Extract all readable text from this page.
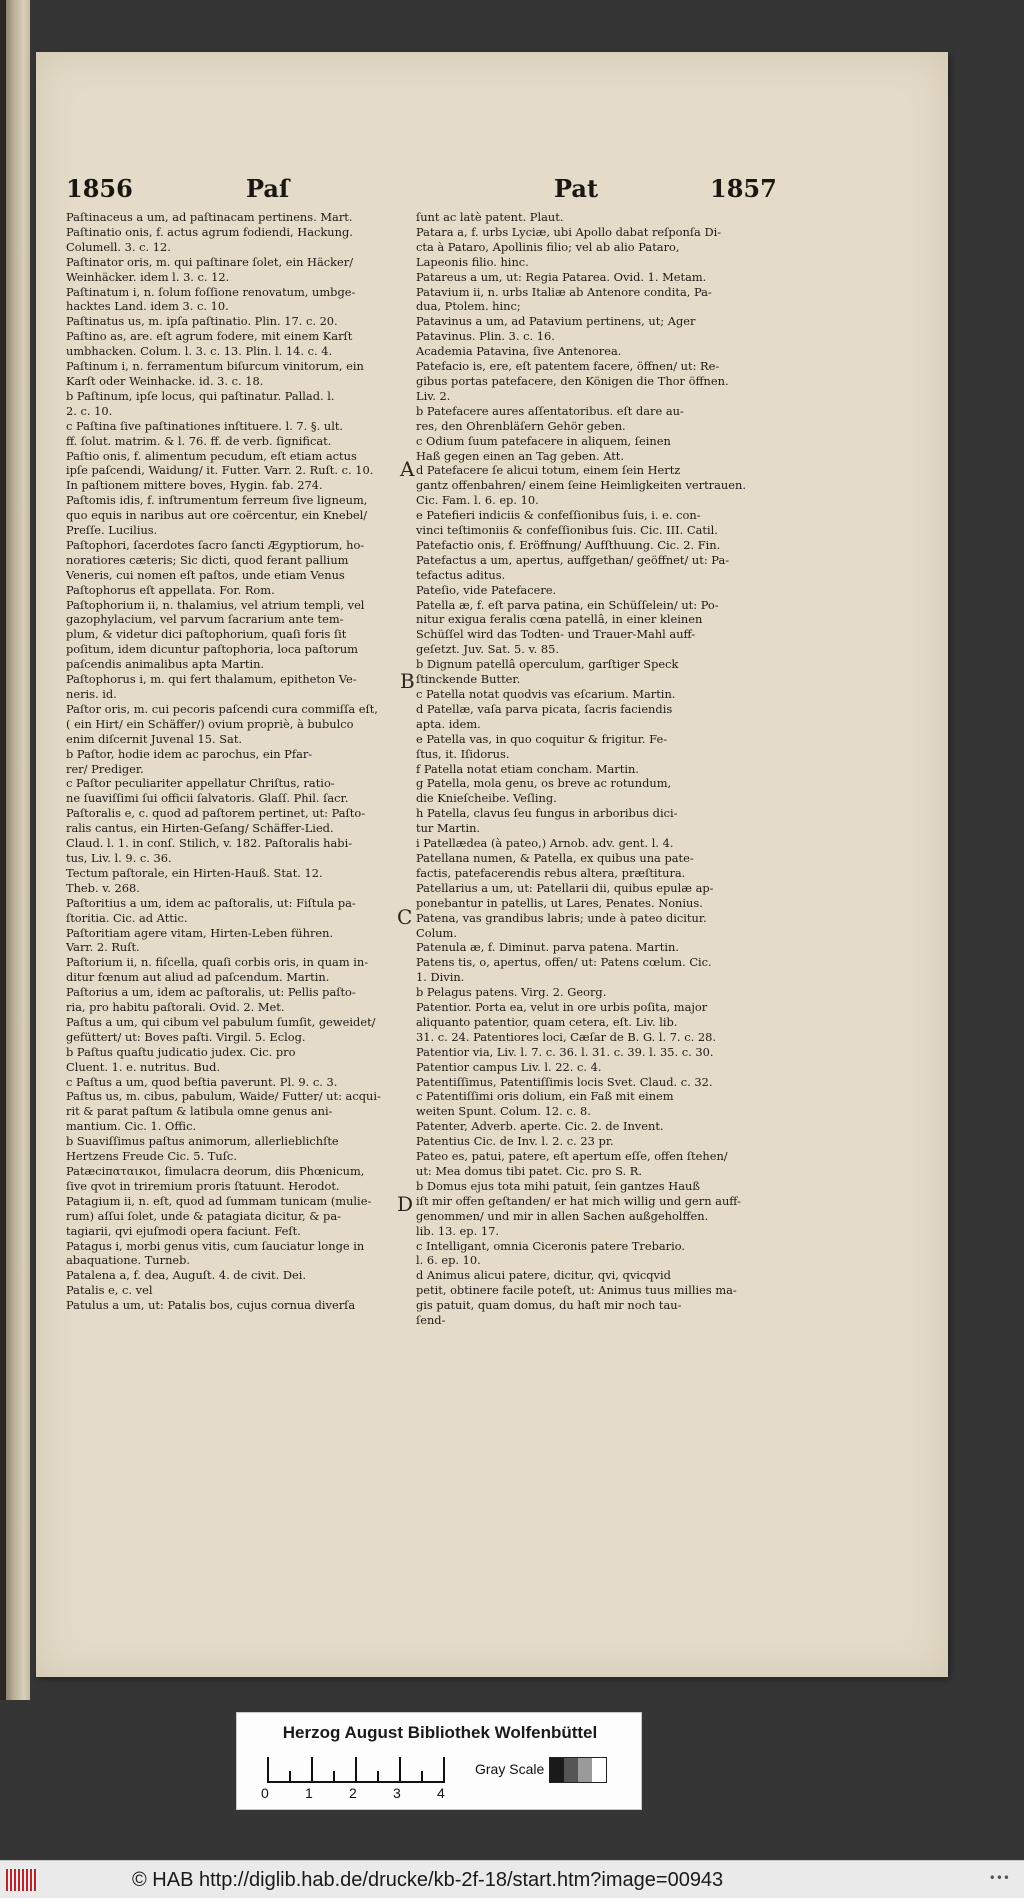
1856	Paſ	Pat	1857

Paſtinaceus a um, ad paſtinacam pertinens. Mart.

Paſtinatio onis, f. actus agrum fodiendi, Hackung.

Columell. 3. c. 12.

Paſtinator oris, m. qui paſtinare ſolet, ein Häcker/

Weinhäcker. idem l. 3. c. 12.

Paſtinatum i, n. ſolum foſſione renovatum, umbge-

hacktes Land. idem 3. c. 10.

Paſtinatus us, m. ipſa paſtinatio. Plin. 17. c. 20.

Paſtino as, are. eſt agrum fodere, mit einem Karſt

umbhacken. Colum. l. 3. c. 13. Plin. l. 14. c. 4.

Paſtinum i, n. ferramentum biſurcum vinitorum, ein

Karſt oder Weinhacke. id. 3. c. 18.

b Paſtinum, ipſe locus, qui paſtinatur. Pallad. l.

2. c. 10.

c Paſtina ſive paſtinationes inſtituere. l. 7. §. ult.

ff. ſolut. matrim. & l. 76. ff. de verb. ſignificat.

Paſtio onis, f. alimentum pecudum, eſt etiam actus

ipſe paſcendi, Waidung/ it. Futter. Varr. 2. Ruſt. c. 10.

In paſtionem mittere boves, Hygin. fab. 274.

Paſtomis idis, f. inſtrumentum ferreum ſive ligneum,

quo equis in naribus aut ore coërcentur, ein Knebel/

Preſſe. Lucilius.

Paſtophori, ſacerdotes ſacro ſancti Ægyptiorum, ho-

noratiores cæteris; Sic dicti, quod ferant pallium

Veneris, cui nomen eſt paſtos, unde etiam Venus

Paſtophorus eſt appellata. For. Rom.

Paſtophorium ii, n. thalamius, vel atrium templi, vel

gazophylacium, vel parvum ſacrarium ante tem-

plum, & videtur dici paſtophorium, quaſi foris ſit

poſitum, idem dicuntur paſtophoria, loca paſtorum

paſcendis animalibus apta Martin.

Paſtophorus i, m. qui fert thalamum, epitheton Ve-

neris. id.

Paſtor oris, m. cui pecoris paſcendi cura commiſſa eſt,

( ein Hirt/ ein Schäffer/) ovium propriè, à bubulco

enim diſcernit Juvenal 15. Sat.

b Paſtor, hodie idem ac parochus, ein Pfar-

rer/ Prediger.

c Paſtor peculiariter appellatur Chriſtus, ratio-

ne ſuaviſſimi ſui officii ſalvatoris. Glaſſ. Phil. ſacr.

Paſtoralis e, c. quod ad paſtorem pertinet, ut: Paſto-

ralis cantus, ein Hirten-Geſang/ Schäffer-Lied.

Claud. l. 1. in conſ. Stilich, v. 182. Paſtoralis habi-

tus, Liv. l. 9. c. 36.

Tectum paſtorale, ein Hirten-Hauß. Stat. 12.

Theb. v. 268.

Paſtoritius a um, idem ac paſtoralis, ut: Fiſtula pa-

ſtoritia. Cic. ad Attic.

Paſtoritiam agere vitam, Hirten-Leben führen.

Varr. 2. Ruſt.

Paſtorium ii, n. fiſcella, quaſi corbis oris, in quam in-

ditur fœnum aut aliud ad paſcendum. Martin.

Paſtorius a um, idem ac paſtoralis, ut: Pellis paſto-

ria, pro habitu paſtorali. Ovid. 2. Met.

Paſtus a um, qui cibum vel pabulum ſumſit, geweidet/

gefüttert/ ut: Boves paſti. Virgil. 5. Eclog.

b Paſtus quaſtu judicatio judex. Cic. pro

Cluent. 1. e. nutritus. Bud.

c Paſtus a um, quod beſtia paverunt. Pl. 9. c. 3.

Paſtus us, m. cibus, pabulum, Waide/ Futter/ ut: acqui-

rit & parat paſtum & latibula omne genus ani-

mantium. Cic. 1. Offic.

b Suaviſſimus paſtus animorum, allerlieblichſte

Hertzens Freude Cic. 5. Tuſc.

Patæciπαταικοι, ſimulacra deorum, diis Phœnicum,

ſive qvot in triremium proris ſtatuunt. Herodot.

Patagium ii, n. eſt, quod ad ſummam tunicam (mulie-

rum) aſſui ſolet, unde & patagiata dicitur, & pa-

tagiarii, qvi ejuſmodi opera faciunt. Feſt.

Patagus i, morbi genus vitis, cum ſauciatur longe in

abaquatione. Turneb.

Patalena a, f. dea, Auguſt. 4. de civit. Dei.

Patalis e, c. vel

Patulus a um, ut: Patalis bos, cujus cornua diverſa

ſunt ac latè patent. Plaut.

Patara a, f. urbs Lyciæ, ubi Apollo dabat reſponſa Di-

cta à Pataro, Apollinis filio; vel ab alio Pataro,

Lapeonis filio. hinc.

Patareus a um, ut: Regia Patarea. Ovid. 1. Metam.

Patavium ii, n. urbs Italiæ ab Antenore condita, Pa-

dua, Ptolem. hinc;

Patavinus a um, ad Patavium pertinens, ut; Ager

Patavinus. Plin. 3. c. 16.

Academia Patavina, ſive Antenorea.

Patefacio is, ere, eſt patentem facere, öffnen/ ut: Re-

gibus portas patefacere, den Königen die Thor öffnen.

Liv. 2.

b Patefacere aures aſſentatoribus. eſt dare au-

res, den Ohrenbläſern Gehör geben.

c Odium ſuum patefacere in aliquem, ſeinen

Haß gegen einen an Tag geben. Att.

d Patefacere ſe alicui totum, einem ſein Hertz

gantz offenbahren/ einem ſeine Heimligkeiten vertrauen.

Cic. Fam. l. 6. ep. 10.

e Patefieri indiciis & confeſſionibus ſuis, i. e. con-

vinci teſtimoniis & confeſſionibus ſuis. Cic. III. Catil.

Patefactio onis, f. Eröffnung/ Aufſthuung. Cic. 2. Fin.

Patefactus a um, apertus, auffgethan/ geöffnet/ ut: Pa-

tefactus aditus.

Pateſio, vide Patefacere.

Patella æ, f. eſt parva patina, ein Schüſſelein/ ut: Po-

nitur exigua feralis cœna patellâ, in einer kleinen

Schüſſel wird das Todten- und Trauer-Mahl auff-

geſetzt. Juv. Sat. 5. v. 85.

b Dignum patellâ operculum, garſtiger Speck

ſtinckende Butter.

c Patella notat quodvis vas eſcarium. Martin.

d Patellæ, vaſa parva picata, ſacris faciendis

apta. idem.

e Patella vas, in quo coquitur & frigitur. Fe-

ſtus, it. Iſidorus.

f Patella notat etiam concham. Martin.

g Patella, mola genu, os breve ac rotundum,

die Knieſcheibe. Veſling.

h Patella, clavus ſeu fungus in arboribus dici-

tur Martin.

i Patellædea (à pateo,) Arnob. adv. gent. l. 4.

Patellana numen, & Patella, ex quibus una pate-

factis, patefacerendis rebus altera, præſtitura.

Patellarius a um, ut: Patellarii dii, quibus epulæ ap-

ponebantur in patellis, ut Lares, Penates. Nonius.

Patena, vas grandibus labris; unde à pateo dicitur.

Colum.

Patenula æ, f. Diminut. parva patena. Martin.

Patens tis, o, apertus, offen/ ut: Patens cœlum. Cic.

1. Divin.

b Pelagus patens. Virg. 2. Georg.

Patentior. Porta ea, velut in ore urbis poſita, major

aliquanto patentior, quam cetera, eſt. Liv. lib.

31. c. 24. Patentiores loci, Cæſar de B. G. l. 7. c. 28.

Patentior via, Liv. l. 7. c. 36. l. 31. c. 39. l. 35. c. 30.

Patentior campus Liv. l. 22. c. 4.

Patentiſſimus, Patentiſſimis locis Svet. Claud. c. 32.

c Patentiſſimi oris dolium, ein Faß mit einem

weiten Spunt. Colum. 12. c. 8.

Patenter, Adverb. aperte. Cic. 2. de Invent.

Patentius Cic. de Inv. l. 2. c. 23 pr.

Pateo es, patui, patere, eſt apertum eſſe, offen ſtehen/

ut: Mea domus tibi patet. Cic. pro S. R.

b Domus ejus tota mihi patuit, ſein gantzes Hauß

iſt mir offen geſtanden/ er hat mich willig und gern auff-

genommen/ und mir in allen Sachen außgeholffen.

lib. 13. ep. 17.

c Intelligant, omnia Ciceronis patere Trebario.

l. 6. ep. 10.

d Animus alicui patere, dicitur, qvi, qvicqvid

petit, obtinere facile poteſt, ut: Animus tuus millies ma-

gis patuit, quam domus, du haſt mir noch tau-

ſend-

A
B
C
D
Herzog August Bibliothek Wolfenbüttel
0	1	2	3	4
Gray Scale
© HAB http://diglib.hab.de/drucke/kb-2f-18/start.htm?image=00943	•••
